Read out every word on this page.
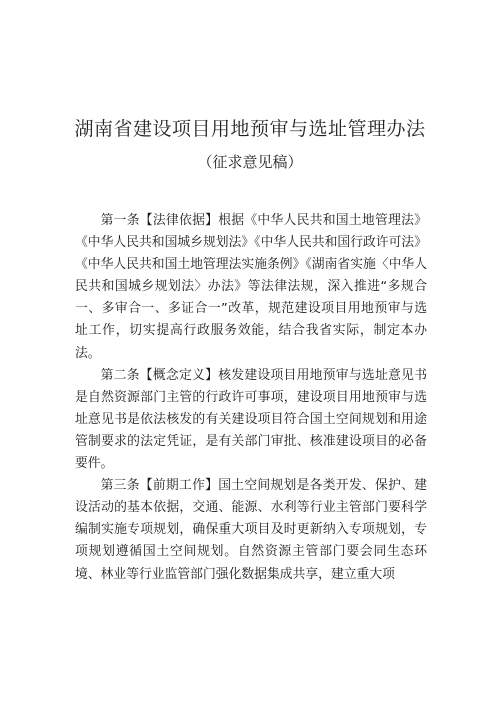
湖南省建设项目用地预审与选址管理办法
（征求意见稿）

第一条【法律依据】根据《中华人民共和国土地管理法》《中华人民共和国城乡规划法》《中华人民共和国行政许可法》《中华人民共和国土地管理法实施条例》《湖南省实施〈中华人民共和国城乡规划法〉办法》等法律法规，深入推进“多规合一、多审合一、多证合一”改革，规范建设项目用地预审与选址工作，切实提高行政服务效能，结合我省实际，制定本办法。

第二条【概念定义】核发建设项目用地预审与选址意见书是自然资源部门主管的行政许可事项，建设项目用地预审与选址意见书是依法核发的有关建设项目符合国土空间规划和用途管制要求的法定凭证，是有关部门审批、核准建设项目的必备要件。

第三条【前期工作】国土空间规划是各类开发、保护、建设活动的基本依据，交通、能源、水利等行业主管部门要科学编制实施专项规划，确保重大项目及时更新纳入专项规划，专项规划遵循国土空间规划。自然资源主管部门要会同生态环境、林业等行业监管部门强化数据集成共享，建立重大项
